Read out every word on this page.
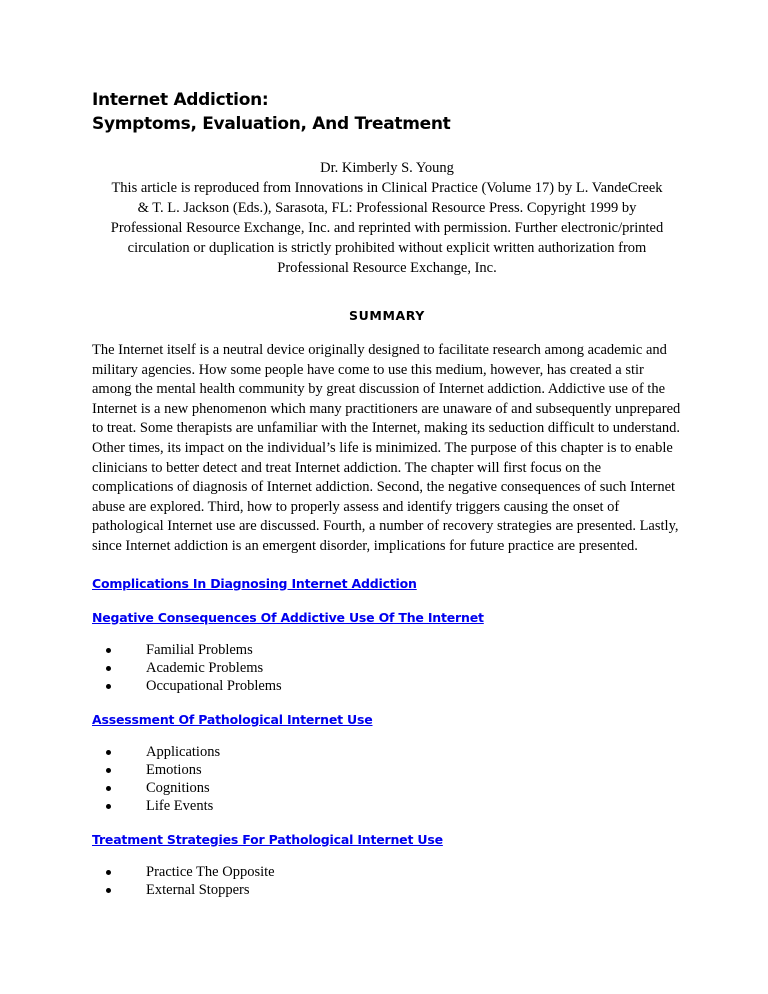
Internet Addiction:
Symptoms, Evaluation, And Treatment

Dr. Kimberly S. Young

This article is reproduced from Innovations in Clinical Practice (Volume 17) by L. VandeCreek

& T. L. Jackson (Eds.), Sarasota, FL: Professional Resource Press. Copyright 1999 by

Professional Resource Exchange, Inc. and reprinted with permission. Further electronic/printed

circulation or duplication is strictly prohibited without explicit written authorization from

Professional Resource Exchange, Inc.

SUMMARY

The Internet itself is a neutral device originally designed to facilitate research among academic and military agencies. How some people have come to use this medium, however, has created a stir among the mental health community by great discussion of Internet addiction. Addictive use of the Internet is a new phenomenon which many practitioners are unaware of and subsequently unprepared to treat. Some therapists are unfamiliar with the Internet, making its seduction difficult to understand. Other times, its impact on the individual’s life is minimized. The purpose of this chapter is to enable clinicians to better detect and treat Internet addiction. The chapter will first focus on the complications of diagnosis of Internet addiction. Second, the negative consequences of such Internet abuse are explored. Third, how to properly assess and identify triggers causing the onset of pathological Internet use are discussed. Fourth, a number of recovery strategies are presented. Lastly, since Internet addiction is an emergent disorder, implications for future practice are presented.

Complications In Diagnosing Internet Addiction
Negative Consequences Of Addictive Use Of The Internet
Familial Problems
Academic Problems
Occupational Problems
Assessment Of Pathological Internet Use
Applications
Emotions
Cognitions
Life Events
Treatment Strategies For Pathological Internet Use
Practice The Opposite
External Stoppers
